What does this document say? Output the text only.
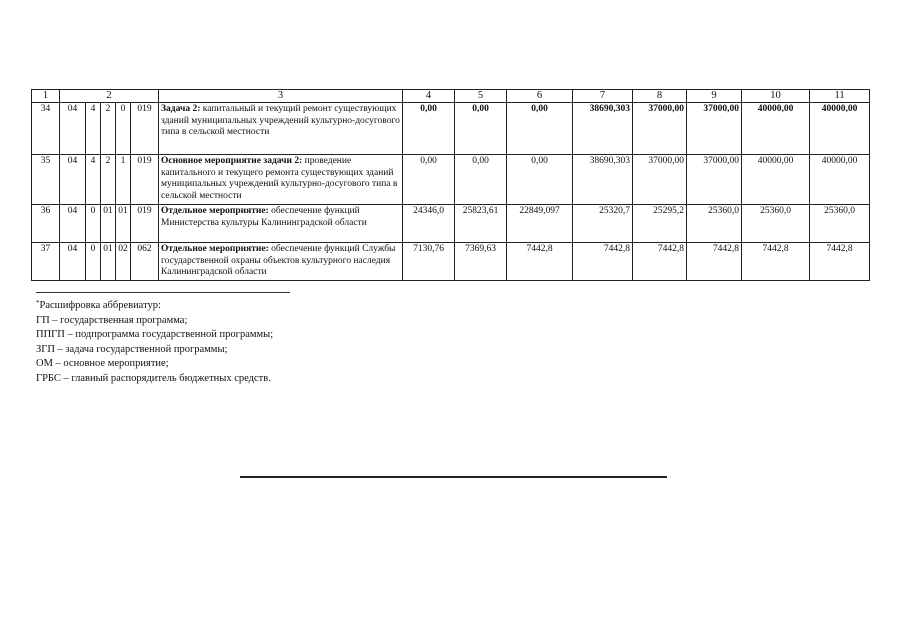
1	2					3	4	5	6	7	8	9	10	11
34	04	4	2	0	019	Задача 2: капитальный и текущий ремонт существующих зданий муниципальных учреждений культурно-досугового типа в сельской местности	0,00	0,00	0,00	38690,303	37000,00	37000,00	40000,00	40000,00
35	04	4	2	1	019	Основное мероприятие задачи 2: проведение капитального и текущего ремонта существующих зданий муниципальных учреждений культурно-досугового типа в сельской местности	0,00	0,00	0,00	38690,303	37000,00	37000,00	40000,00	40000,00
36	04	0	01	01	019	Отдельное мероприятие: обеспечение функций Министерства культуры Калининградской области	24346,0	25823,61	22849,097	25320,7	25295,2	25360,0	25360,0	25360,0
37	04	0	01	02	062	Отдельное мероприятие: обеспечение функций Службы государственной охраны объектов культурного наследия Калининградской области	7130,76	7369,63	7442,8	7442,8	7442,8	7442,8	7442,8	7442,8
*Расшифровка аббревиатур:
ГП – государственная программа;
ППГП – подпрограмма государственной программы;
ЗГП – задача государственной программы;
ОМ – основное мероприятие;
ГРБС – главный распорядитель бюджетных средств.
